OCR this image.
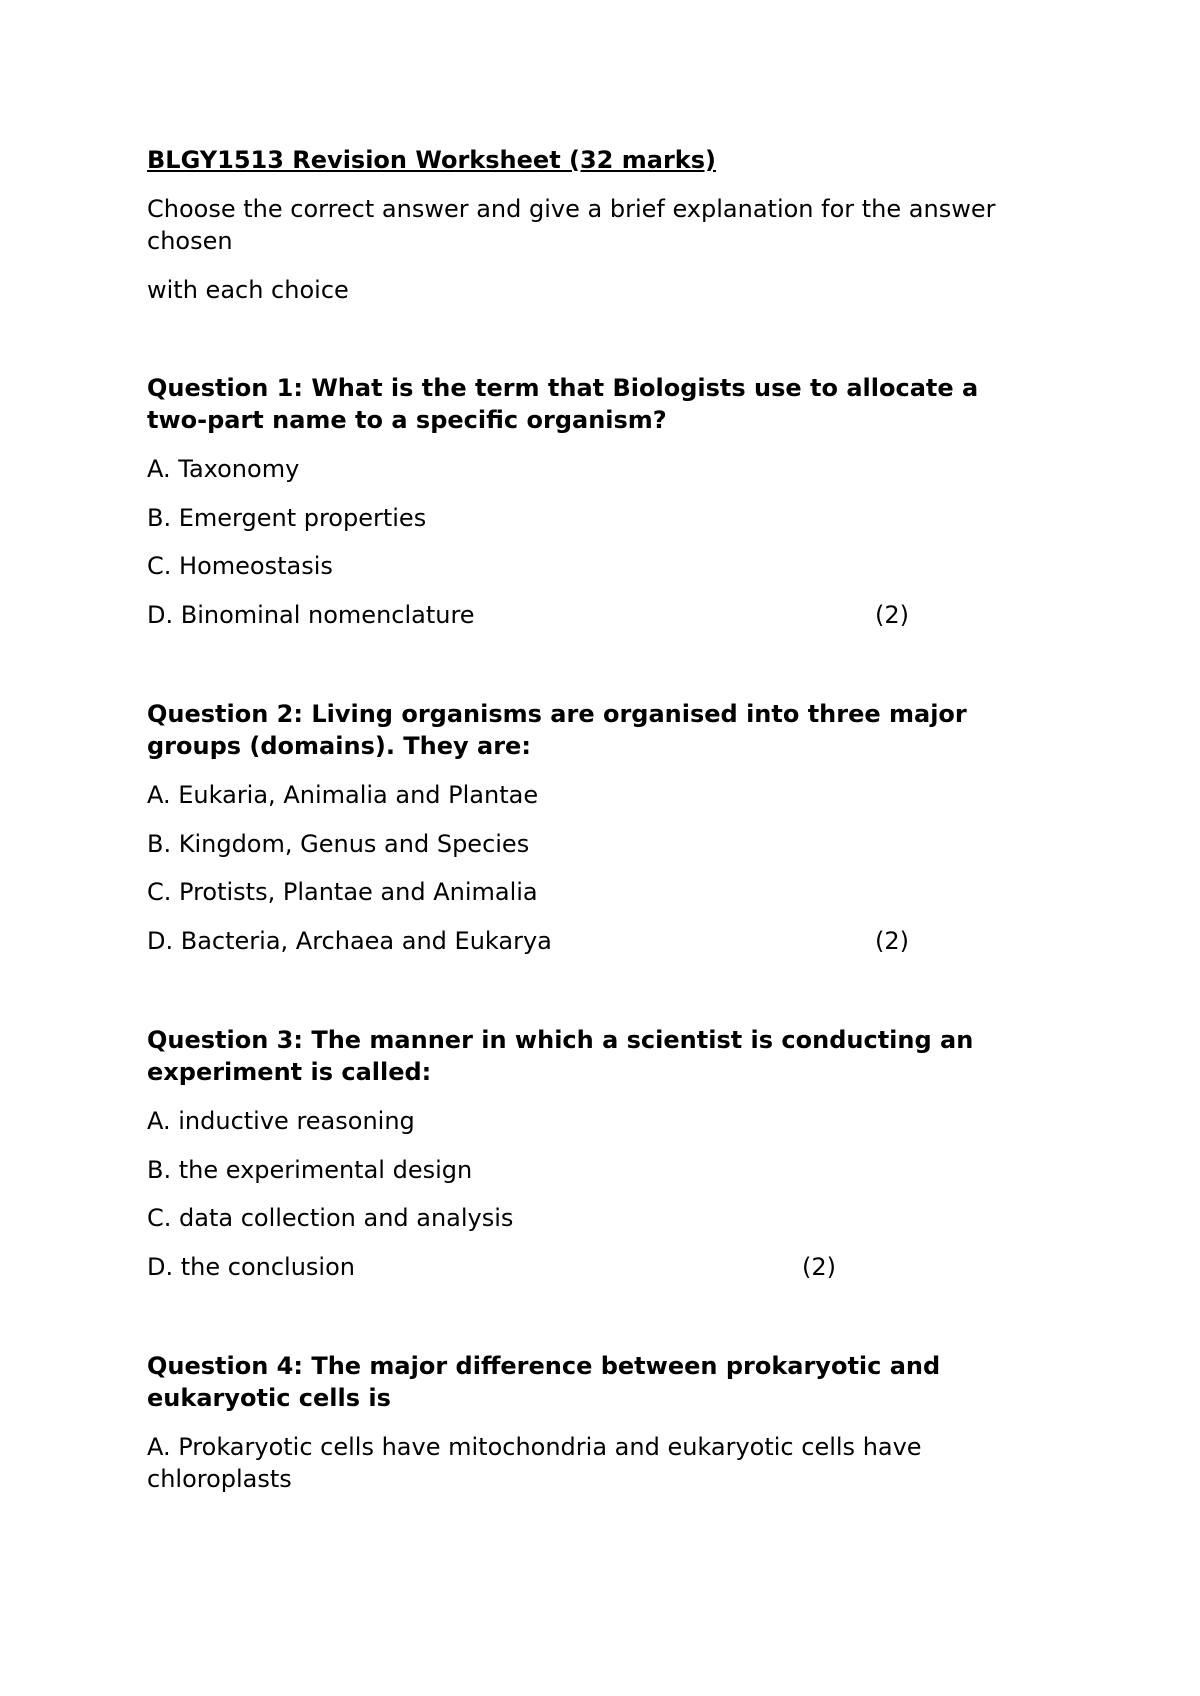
BLGY1513 Revision Worksheet (32 marks)

Choose the correct answer and give a brief explanation for the answer

chosen

with each choice

Question 1: What is the term that Biologists use to allocate a

two-part name to a specific organism?

A. Taxonomy

B. Emergent properties

C. Homeostasis

D. Binominal nomenclature	(2)

Question 2: Living organisms are organised into three major

groups (domains). They are:

A. Eukaria, Animalia and Plantae

B. Kingdom, Genus and Species

C. Protists, Plantae and Animalia

D. Bacteria, Archaea and Eukarya	(2)

Question 3: The manner in which a scientist is conducting an

experiment is called:

A. inductive reasoning

B. the experimental design

C. data collection and analysis

D. the conclusion	(2)

Question 4: The major difference between prokaryotic and

eukaryotic cells is

A. Prokaryotic cells have mitochondria and eukaryotic cells have

chloroplasts
